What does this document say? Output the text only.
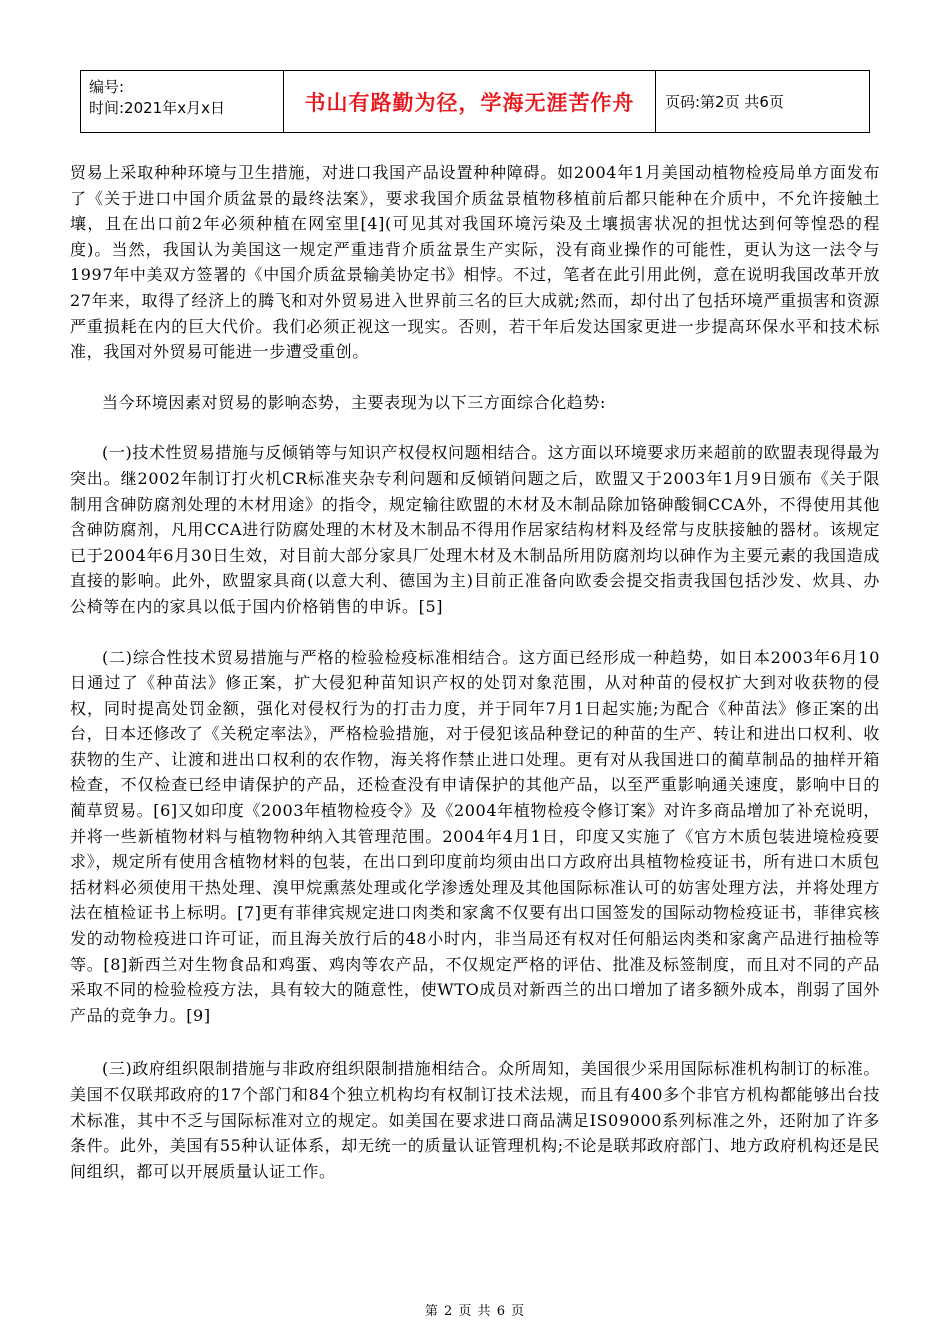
编号:
时间:2021年x月x日	书山有路勤为径，学海无涯苦作舟	页码:第2页 共6页

贸易上采取种种环境与卫生措施，对进口我国产品设置种种障碍。如2004年1月美国动植物检疫局单方面发布了《关于进口中国介质盆景的最终法案》，要求我国介质盆景植物移植前后都只能种在介质中，不允许接触土壤，且在出口前2年必须种植在网室里[4](可见其对我国环境污染及土壤损害状况的担忧达到何等惶恐的程度)。当然，我国认为美国这一规定严重违背介质盆景生产实际，没有商业操作的可能性，更认为这一法令与1997年中美双方签署的《中国介质盆景输美协定书》相悖。不过，笔者在此引用此例，意在说明我国改革开放27年来，取得了经济上的腾飞和对外贸易进入世界前三名的巨大成就;然而，却付出了包括环境严重损害和资源严重损耗在内的巨大代价。我们必须正视这一现实。否则，若干年后发达国家更进一步提高环保水平和技术标准，我国对外贸易可能进一步遭受重创。

当今环境因素对贸易的影响态势，主要表现为以下三方面综合化趋势:

(一)技术性贸易措施与反倾销等与知识产权侵权问题相结合。这方面以环境要求历来超前的欧盟表现得最为突出。继2002年制订打火机CR标准夹杂专利问题和反倾销问题之后，欧盟又于2003年1月9日颁布《关于限制用含砷防腐剂处理的木材用途》的指令，规定输往欧盟的木材及木制品除加铬砷酸铜CCA外，不得使用其他含砷防腐剂，凡用CCA进行防腐处理的木材及木制品不得用作居家结构材料及经常与皮肤接触的器材。该规定已于2004年6月30日生效，对目前大部分家具厂处理木材及木制品所用防腐剂均以砷作为主要元素的我国造成直接的影响。此外，欧盟家具商(以意大利、德国为主)目前正准备向欧委会提交指责我国包括沙发、炊具、办公椅等在内的家具以低于国内价格销售的申诉。[5]

(二)综合性技术贸易措施与严格的检验检疫标准相结合。这方面已经形成一种趋势，如日本2003年6月10日通过了《种苗法》修正案，扩大侵犯种苗知识产权的处罚对象范围，从对种苗的侵权扩大到对收获物的侵权，同时提高处罚金额，强化对侵权行为的打击力度，并于同年7月1日起实施;为配合《种苗法》修正案的出台，日本还修改了《关税定率法》，严格检验措施，对于侵犯该品种登记的种苗的生产、转让和进出口权利、收获物的生产、让渡和进出口权利的农作物，海关将作禁止进口处理。更有对从我国进口的蔺草制品的抽样开箱检查，不仅检查已经申请保护的产品，还检查没有申请保护的其他产品，以至严重影响通关速度，影响中日的蔺草贸易。[6]又如印度《2003年植物检疫令》及《2004年植物检疫令修订案》对许多商品增加了补充说明，并将一些新植物材料与植物物种纳入其管理范围。2004年4月1日，印度又实施了《官方木质包装进境检疫要求》，规定所有使用含植物材料的包装，在出口到印度前均须由出口方政府出具植物检疫证书，所有进口木质包括材料必须使用干热处理、溴甲烷熏蒸处理或化学渗透处理及其他国际标准认可的妨害处理方法，并将处理方法在植检证书上标明。[7]更有菲律宾规定进口肉类和家禽不仅要有出口国签发的国际动物检疫证书，菲律宾核发的动物检疫进口许可证，而且海关放行后的48小时内，非当局还有权对任何船运肉类和家禽产品进行抽检等等。[8]新西兰对生物食品和鸡蛋、鸡肉等农产品，不仅规定严格的评估、批准及标签制度，而且对不同的产品采取不同的检验检疫方法，具有较大的随意性，使WTO成员对新西兰的出口增加了诸多额外成本，削弱了国外产品的竞争力。[9]

(三)政府组织限制措施与非政府组织限制措施相结合。众所周知，美国很少采用国际标准机构制订的标准。美国不仅联邦政府的17个部门和84个独立机构均有权制订技术法规，而且有400多个非官方机构都能够出台技术标准，其中不乏与国际标准对立的规定。如美国在要求进口商品满足IS09000系列标准之外，还附加了许多条件。此外，美国有55种认证体系，却无统一的质量认证管理机构;不论是联邦政府部门、地方政府机构还是民间组织，都可以开展质量认证工作。

第 2 页 共 6 页
